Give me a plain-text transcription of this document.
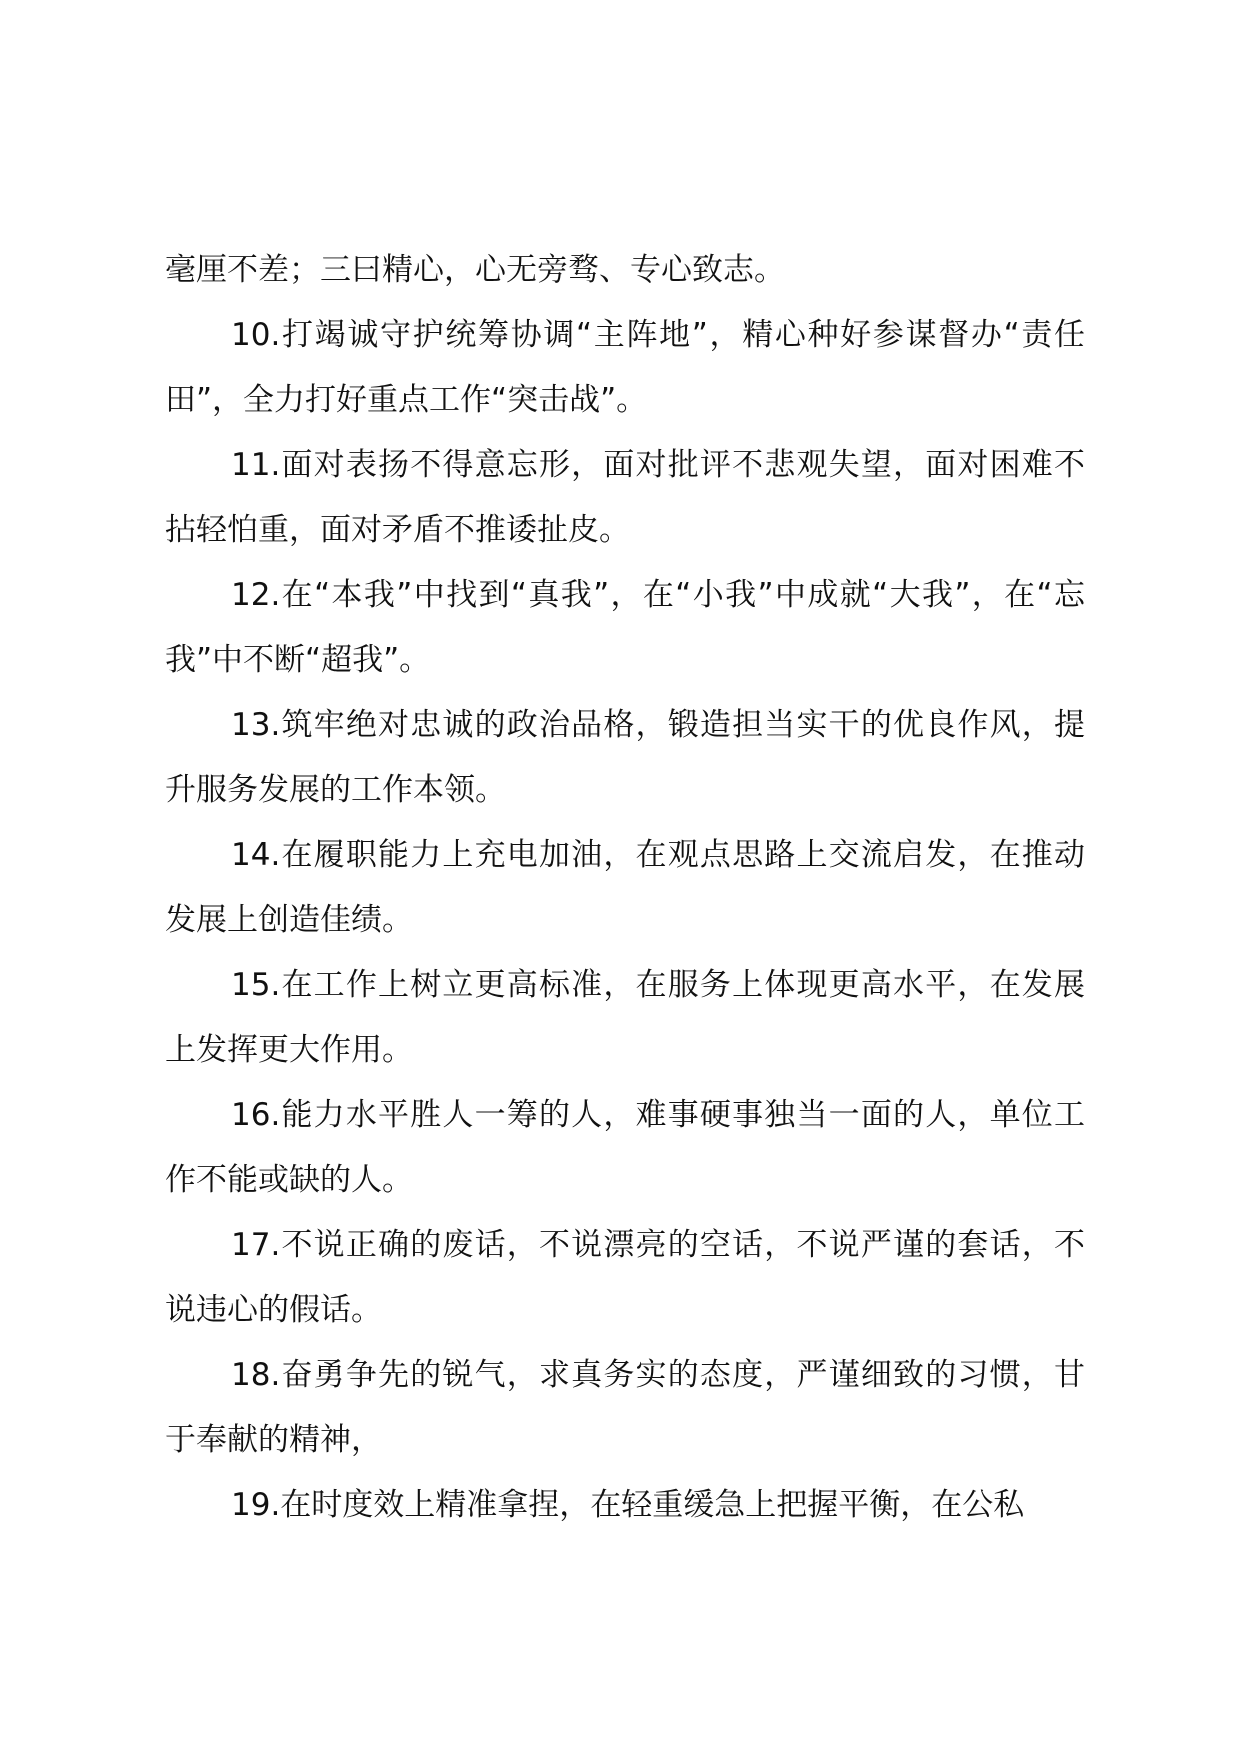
毫厘不差；三曰精心，心无旁骛、专心致志。

10.打竭诚守护统筹协调“主阵地”，精心种好参谋督办“责任田”，全力打好重点工作“突击战”。

11.面对表扬不得意忘形，面对批评不悲观失望，面对困难不拈轻怕重，面对矛盾不推诿扯皮。

12.在“本我”中找到“真我”，在“小我”中成就“大我”，在“忘我”中不断“超我”。

13.筑牢绝对忠诚的政治品格，锻造担当实干的优良作风，提升服务发展的工作本领。

14.在履职能力上充电加油，在观点思路上交流启发，在推动发展上创造佳绩。

15.在工作上树立更高标准，在服务上体现更高水平，在发展上发挥更大作用。

16.能力水平胜人一筹的人，难事硬事独当一面的人，单位工作不能或缺的人。

17.不说正确的废话，不说漂亮的空话，不说严谨的套话，不说违心的假话。

18.奋勇争先的锐气，求真务实的态度，严谨细致的习惯，甘于奉献的精神，

19.在时度效上精准拿捏，在轻重缓急上把握平衡，在公私
